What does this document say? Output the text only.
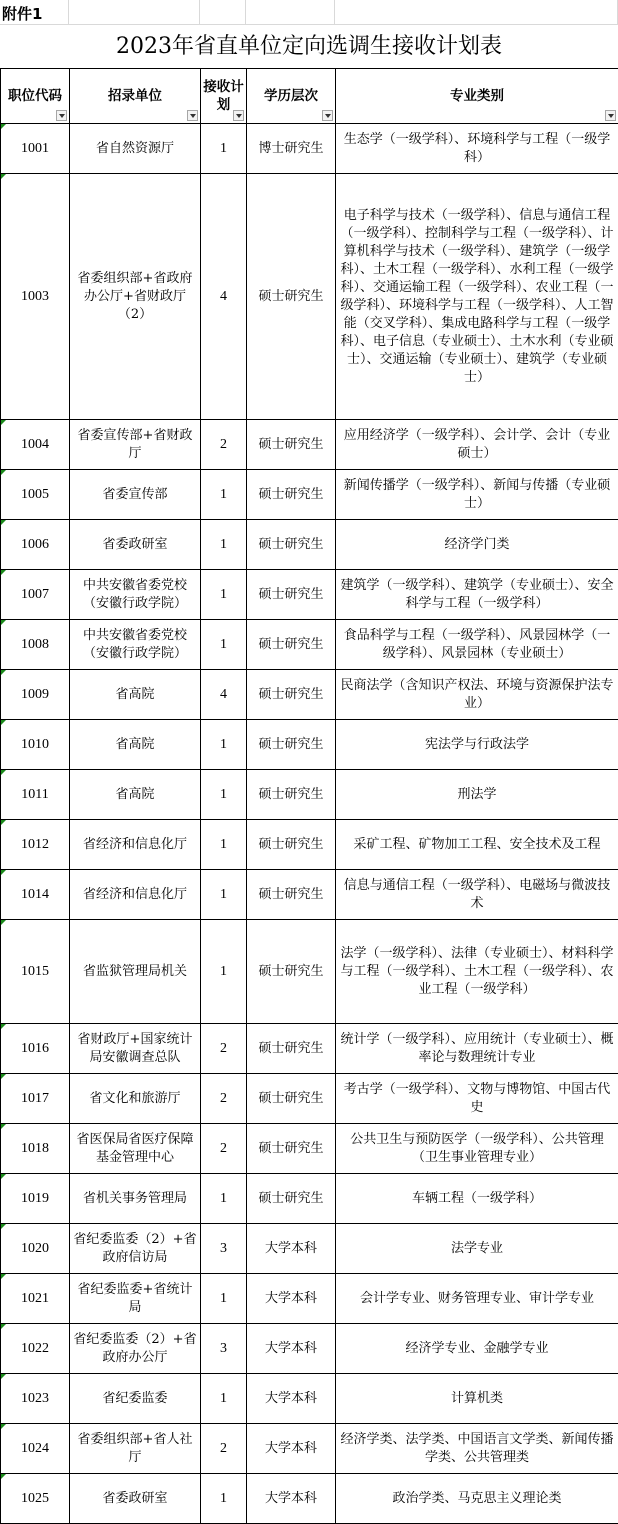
附件1
2023年省直单位定向选调生接收计划表
职位代码	招录单位	接收计划	学历层次	专业类别

1001	省自然资源厅	1	博士研究生	生态学（一级学科）、环境科学与工程（一级学科）
1003	省委组织部+省政府办公厅+省财政厅（2）	4	硕士研究生	电子科学与技术（一级学科）、信息与通信工程（一级学科）、控制科学与工程（一级学科）、计算机科学与技术（一级学科）、建筑学（一级学科）、土木工程（一级学科）、水利工程（一级学科）、交通运输工程（一级学科）、农业工程（一级学科）、环境科学与工程（一级学科）、人工智能（交叉学科）、集成电路科学与工程（一级学科）、电子信息（专业硕士）、土木水利（专业硕士）、交通运输（专业硕士）、建筑学（专业硕士）
1004	省委宣传部+省财政厅	2	硕士研究生	应用经济学（一级学科）、会计学、会计（专业硕士）
1005	省委宣传部	1	硕士研究生	新闻传播学（一级学科）、新闻与传播（专业硕士）
1006	省委政研室	1	硕士研究生	经济学门类
1007	中共安徽省委党校（安徽行政学院）	1	硕士研究生	建筑学（一级学科）、建筑学（专业硕士）、安全科学与工程（一级学科）
1008	中共安徽省委党校（安徽行政学院）	1	硕士研究生	食品科学与工程（一级学科）、风景园林学（一级学科）、风景园林（专业硕士）
1009	省高院	4	硕士研究生	民商法学（含知识产权法、环境与资源保护法专业）
1010	省高院	1	硕士研究生	宪法学与行政法学
1011	省高院	1	硕士研究生	刑法学
1012	省经济和信息化厅	1	硕士研究生	采矿工程、矿物加工工程、安全技术及工程
1014	省经济和信息化厅	1	硕士研究生	信息与通信工程（一级学科）、电磁场与微波技术
1015	省监狱管理局机关	1	硕士研究生	法学（一级学科）、法律（专业硕士）、材料科学与工程（一级学科）、土木工程（一级学科）、农业工程（一级学科）
1016	省财政厅+国家统计局安徽调查总队	2	硕士研究生	统计学（一级学科）、应用统计（专业硕士）、概率论与数理统计专业
1017	省文化和旅游厅	2	硕士研究生	考古学（一级学科）、文物与博物馆、中国古代史
1018	省医保局省医疗保障基金管理中心	2	硕士研究生	公共卫生与预防医学（一级学科）、公共管理（卫生事业管理专业）
1019	省机关事务管理局	1	硕士研究生	车辆工程（一级学科）
1020	省纪委监委（2）+省政府信访局	3	大学本科	法学专业
1021	省纪委监委+省统计局	1	大学本科	会计学专业、财务管理专业、审计学专业
1022	省纪委监委（2）+省政府办公厅	3	大学本科	经济学专业、金融学专业
1023	省纪委监委	1	大学本科	计算机类
1024	省委组织部+省人社厅	2	大学本科	经济学类、法学类、中国语言文学类、新闻传播学类、公共管理类
1025	省委政研室	1	大学本科	政治学类、马克思主义理论类
